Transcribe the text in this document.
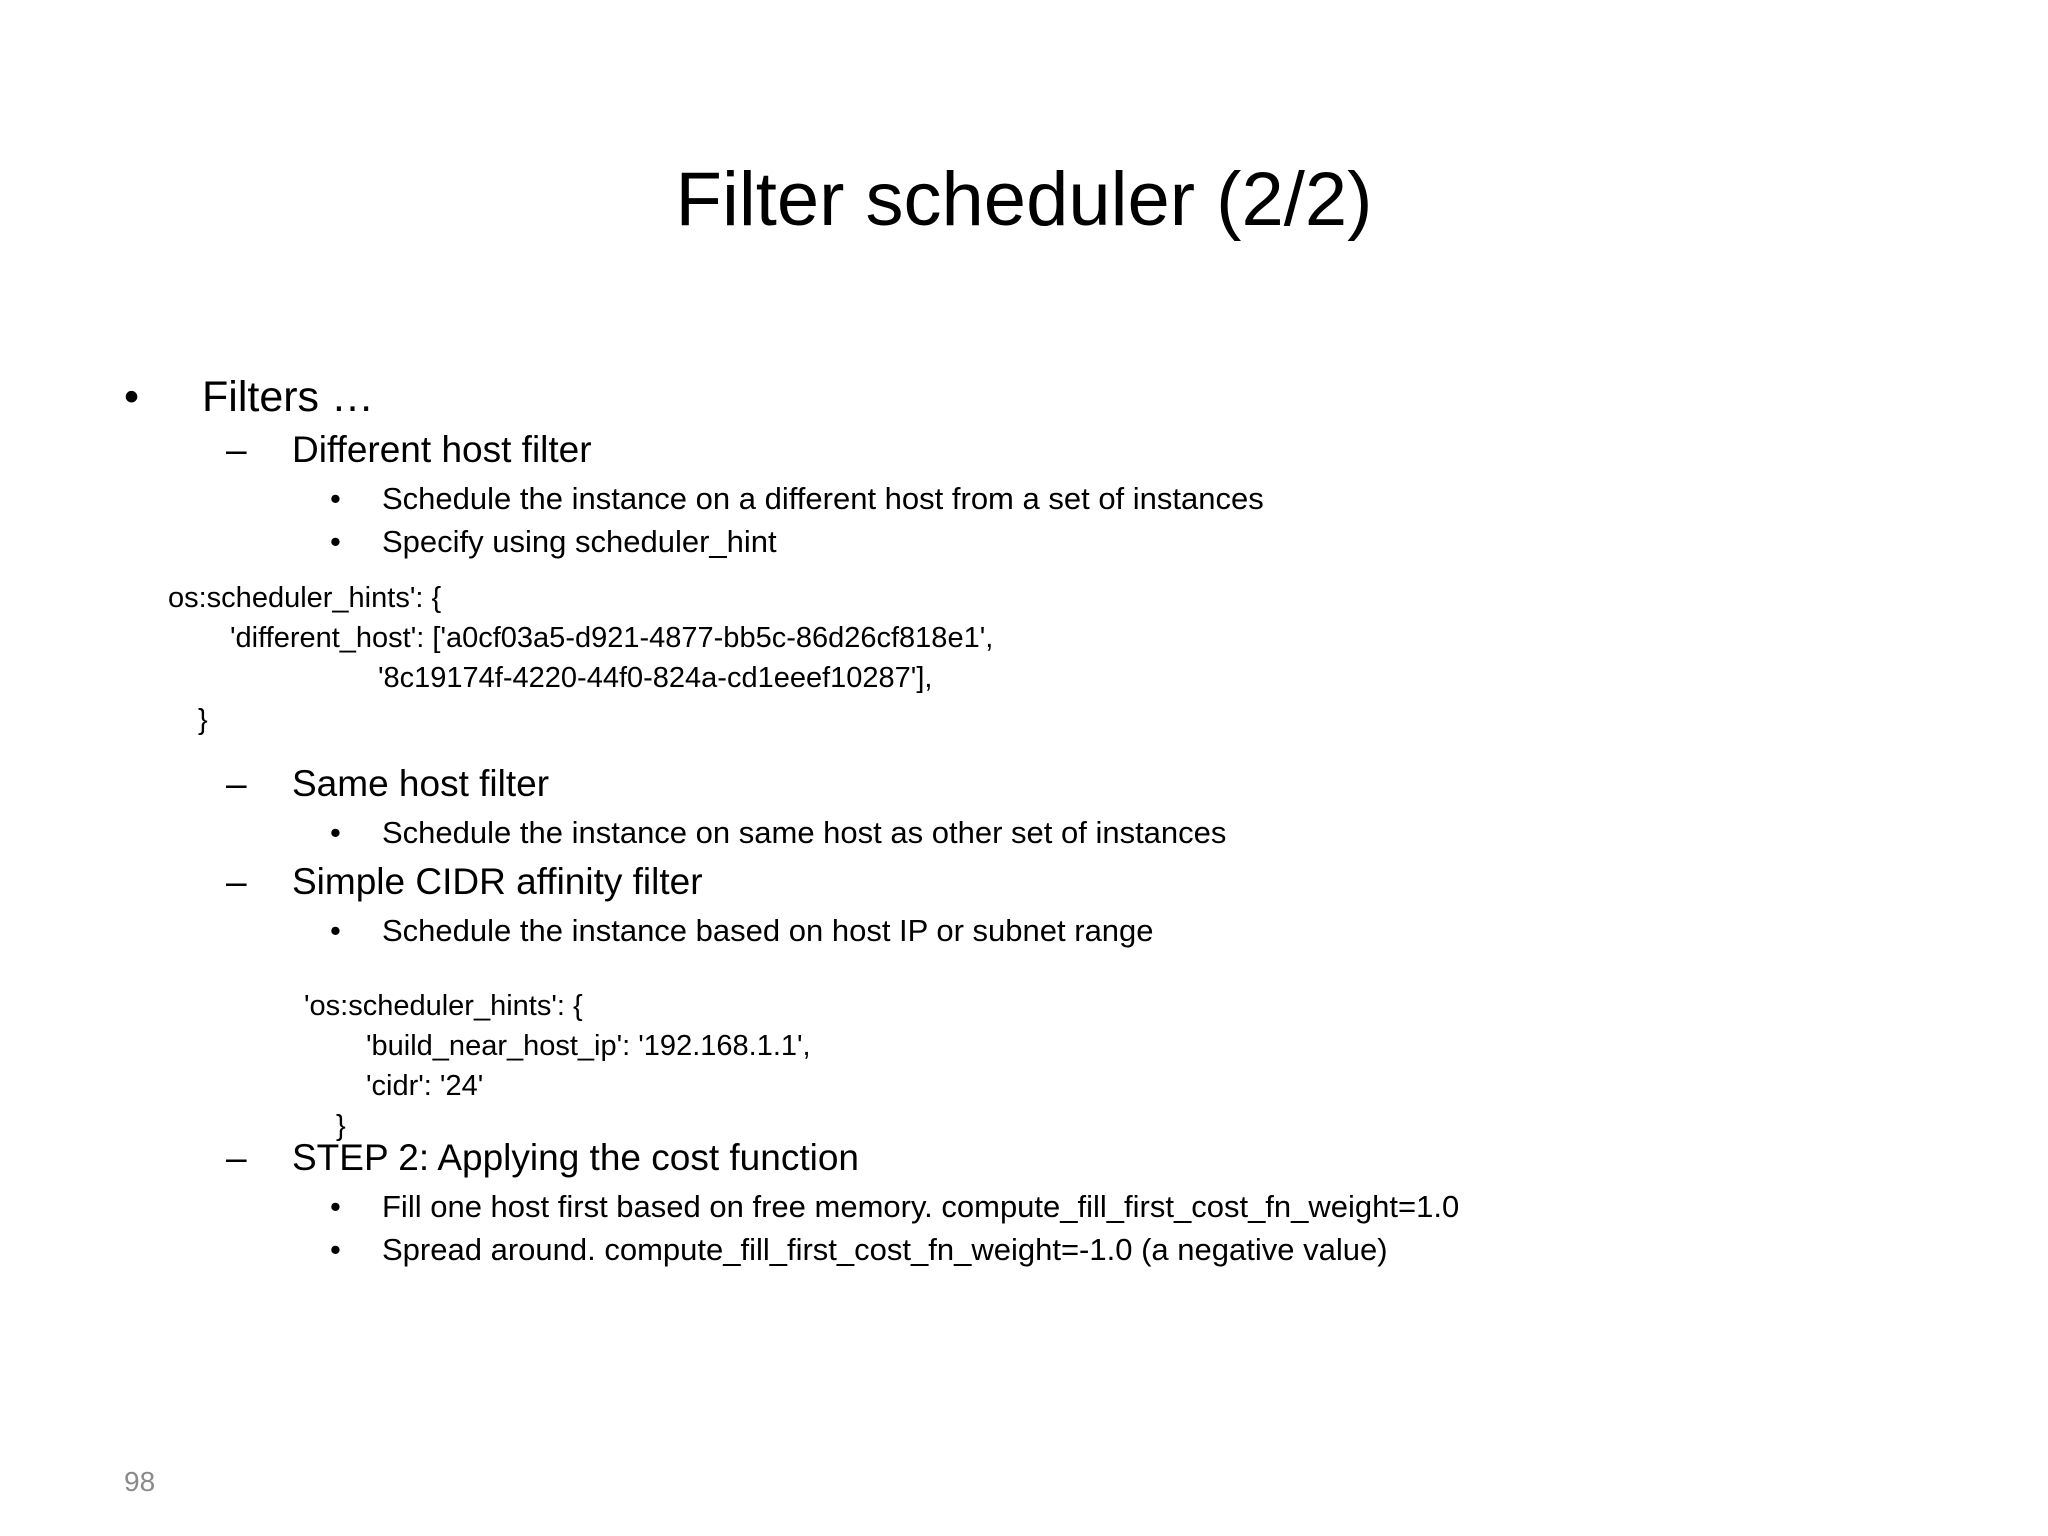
Filter scheduler (2/2)
• Filters …
– Different host filter
• Schedule the instance on a different host from a set of instances
• Specify using scheduler_hint
os:scheduler_hints': {
'different_host': ['a0cf03a5-d921-4877-bb5c-86d26cf818e1',
'8c19174f-4220-44f0-824a-cd1eeef10287'],
}
– Same host filter
• Schedule the instance on same host as other set of instances
– Simple CIDR affinity filter
• Schedule the instance based on host IP or subnet range
'os:scheduler_hints': {
'build_near_host_ip': '192.168.1.1',
'cidr': '24'
}
– STEP 2: Applying the cost function
• Fill one host first based on free memory. compute_fill_first_cost_fn_weight=1.0
• Spread around. compute_fill_first_cost_fn_weight=-1.0 (a negative value)
98
